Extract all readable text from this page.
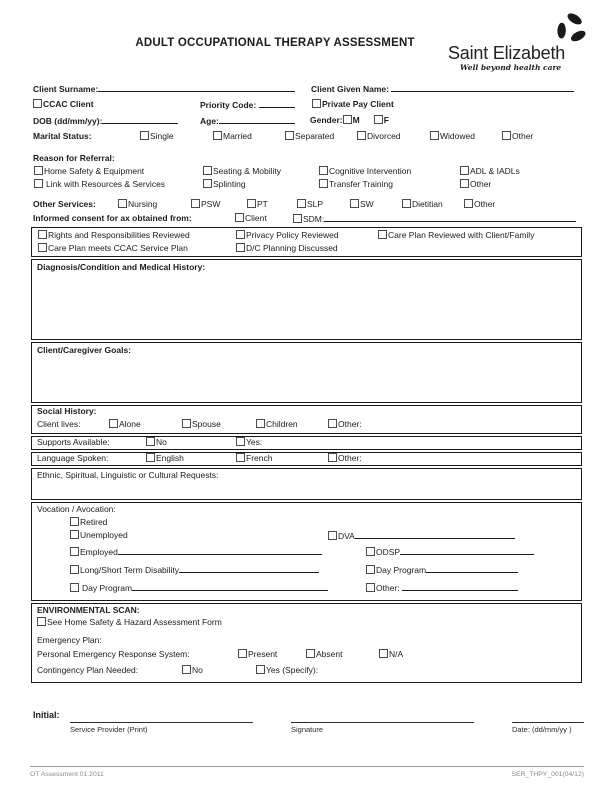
ADULT OCCUPATIONAL THERAPY ASSESSMENT	Saint Elizabeth
Well beyond health care
Client Surname:	Client Given Name:
CCAC Client	Priority Code:	Private Pay Client
DOB (dd/mm/yy):	Age:	Gender: M	F
Marital Status:	Single	Married	Separated	Divorced	Widowed	Other
Reason for Referral:
Home Safety & Equipment	Seating & Mobility	Cognitive Intervention	ADL & IADLs
Link with Resources & Services	Splinting	Transfer Training	Other
Other Services:	Nursing	PSW	PT	SLP	SW	Dietitian	Other
Informed consent for ax obtained from:	Client	SDM:
Rights and Responsibilities Reviewed	Privacy Policy Reviewed	Care Plan Reviewed with Client/Family
Care Plan meets CCAC Service Plan	D/C Planning Discussed
Diagnosis/Condition and Medical History:
Client/Caregiver Goals:
Social History:
Client lives:	Alone	Spouse	Children	Other:
Supports Available:	No	Yes:
Language Spoken:	English	French	Other:
Ethnic, Spiritual, Linguistic or Cultural Requests:
Vocation / Avocation:
Retired
Unemployed	DVA
Employed	ODSP
Long/Short Term Disability	Day Program
Day Program	Other:
ENVIRONMENTAL SCAN:
See Home Safety & Hazard Assessment Form
Emergency Plan:
Personal Emergency Response System:	Present	Absent	N/A
Contingency Plan Needed:	No	Yes (Specify):
Initial:
Service Provider (Print)	Signature	Date: (dd/mm/yy )
OT Assessment 01.2011	SER_THPY_001(04/12)
